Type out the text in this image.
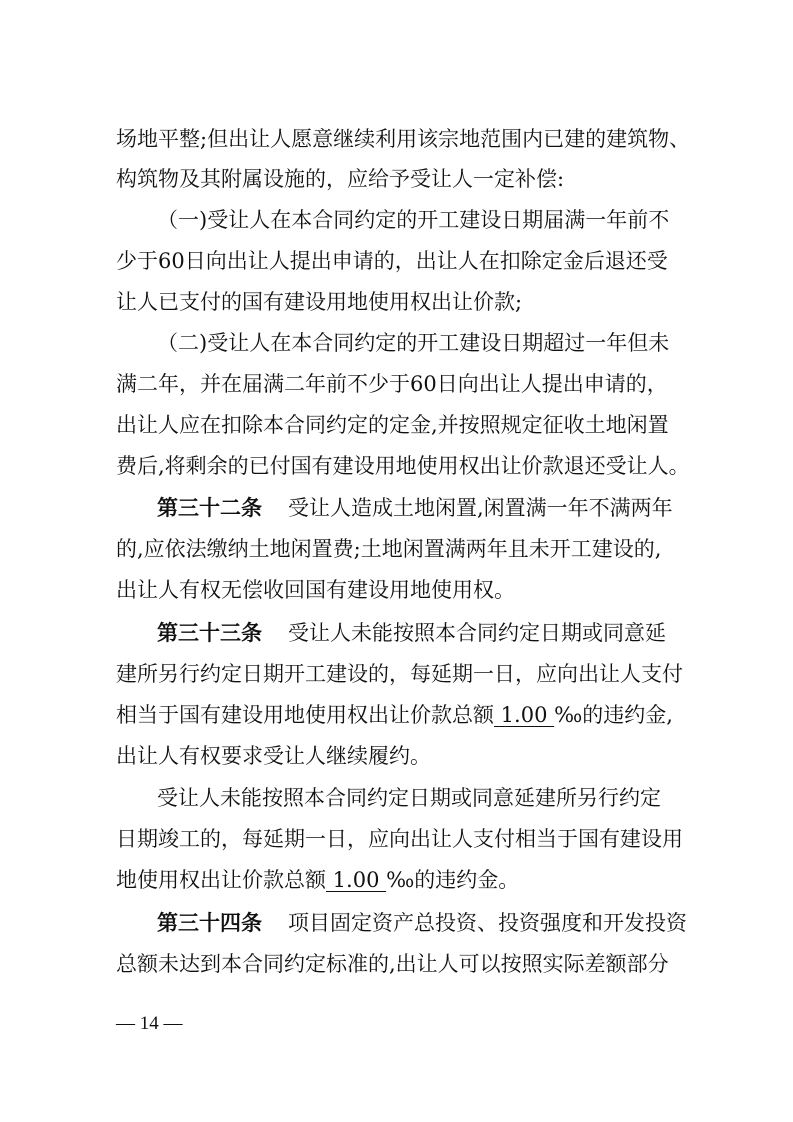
场地平整;但出让人愿意继续利用该宗地范围内已建的建筑物、
构筑物及其附属设施的，应给予受让人一定补偿:
（一)受让人在本合同约定的开工建设日期届满一年前不
少于60日向出让人提出申请的，出让人在扣除定金后退还受
让人已支付的国有建设用地使用权出让价款;
（二)受让人在本合同约定的开工建设日期超过一年但未
满二年，并在届满二年前不少于60日向出让人提出申请的，
出让人应在扣除本合同约定的定金,并按照规定征收土地闲置
费后,将剩余的已付国有建设用地使用权出让价款退还受让人。
第三十二条 受让人造成土地闲置,闲置满一年不满两年
的,应依法缴纳土地闲置费;土地闲置满两年且未开工建设的,
出让人有权无偿收回国有建设用地使用权。
第三十三条 受让人未能按照本合同约定日期或同意延
建所另行约定日期开工建设的，每延期一日，应向出让人支付
相当于国有建设用地使用权出让价款总额 1.00 ‰的违约金,
出让人有权要求受让人继续履约。
受让人未能按照本合同约定日期或同意延建所另行约定
日期竣工的，每延期一日，应向出让人支付相当于国有建设用
地使用权出让价款总额 1.00 ‰的违约金。
第三十四条 项目固定资产总投资、投资强度和开发投资
总额未达到本合同约定标准的,出让人可以按照实际差额部分
— 14 —
